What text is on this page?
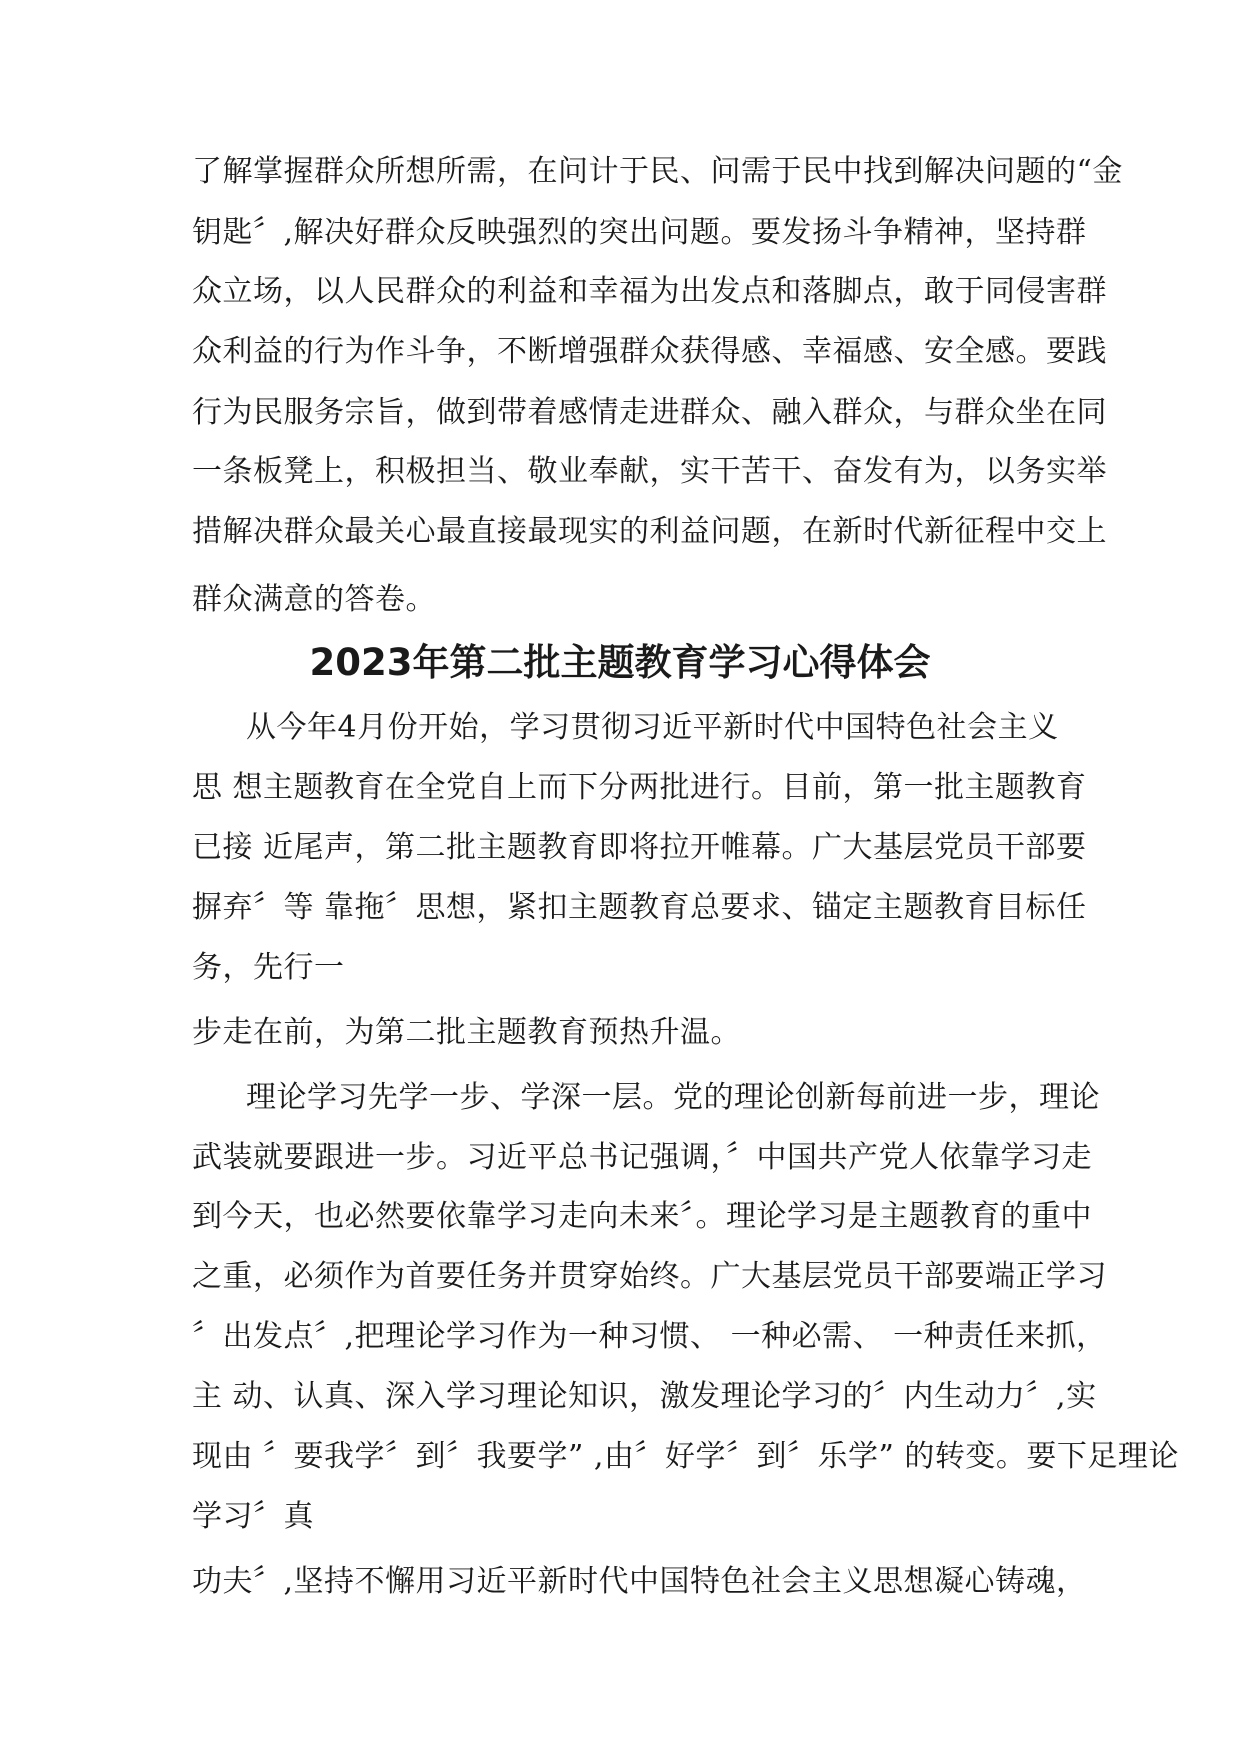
了解掌握群众所想所需，在问计于民、问需于民中找到解决问题的“金
钥匙〞,解决好群众反映强烈的突出问题。要发扬斗争精神，坚持群
众立场，以人民群众的利益和幸福为出发点和落脚点，敢于同侵害群
众利益的行为作斗争，不断增强群众获得感、幸福感、安全感。要践
行为民服务宗旨，做到带着感情走进群众、融入群众，与群众坐在同
一条板凳上，积极担当、敬业奉献，实干苦干、奋发有为，以务实举
措解决群众最关心最直接最现实的利益问题，在新时代新征程中交上
群众满意的答卷。
2023年第二批主题教育学习心得体会
从今年4月份开始，学习贯彻习近平新时代中国特色社会主义
思 想主题教育在全党自上而下分两批进行。目前，第一批主题教育
已接 近尾声，第二批主题教育即将拉开帷幕。广大基层党员干部要
摒弃〞等 靠拖〞思想，紧扣主题教育总要求、锚定主题教育目标任
务，先行一
步走在前，为第二批主题教育预热升温。
理论学习先学一步、学深一层。党的理论创新每前进一步，理论
武装就要跟进一步。习近平总书记强调，〞中国共产党人依靠学习走
到今天，也必然要依靠学习走向未来〞。理论学习是主题教育的重中
之重，必须作为首要任务并贯穿始终。广大基层党员干部要端正学习
〞出发点〞,把理论学习作为一种习惯、 一种必需、 一种责任来抓，
主 动、认真、深入学习理论知识，激发理论学习的〞内生动力〞,实
现由 〞要我学〞到〞我要学” ,由〞好学〞到〞乐学” 的转变。要下足理论
学习〞真
功夫〞,坚持不懈用习近平新时代中国特色社会主义思想凝心铸魂，
